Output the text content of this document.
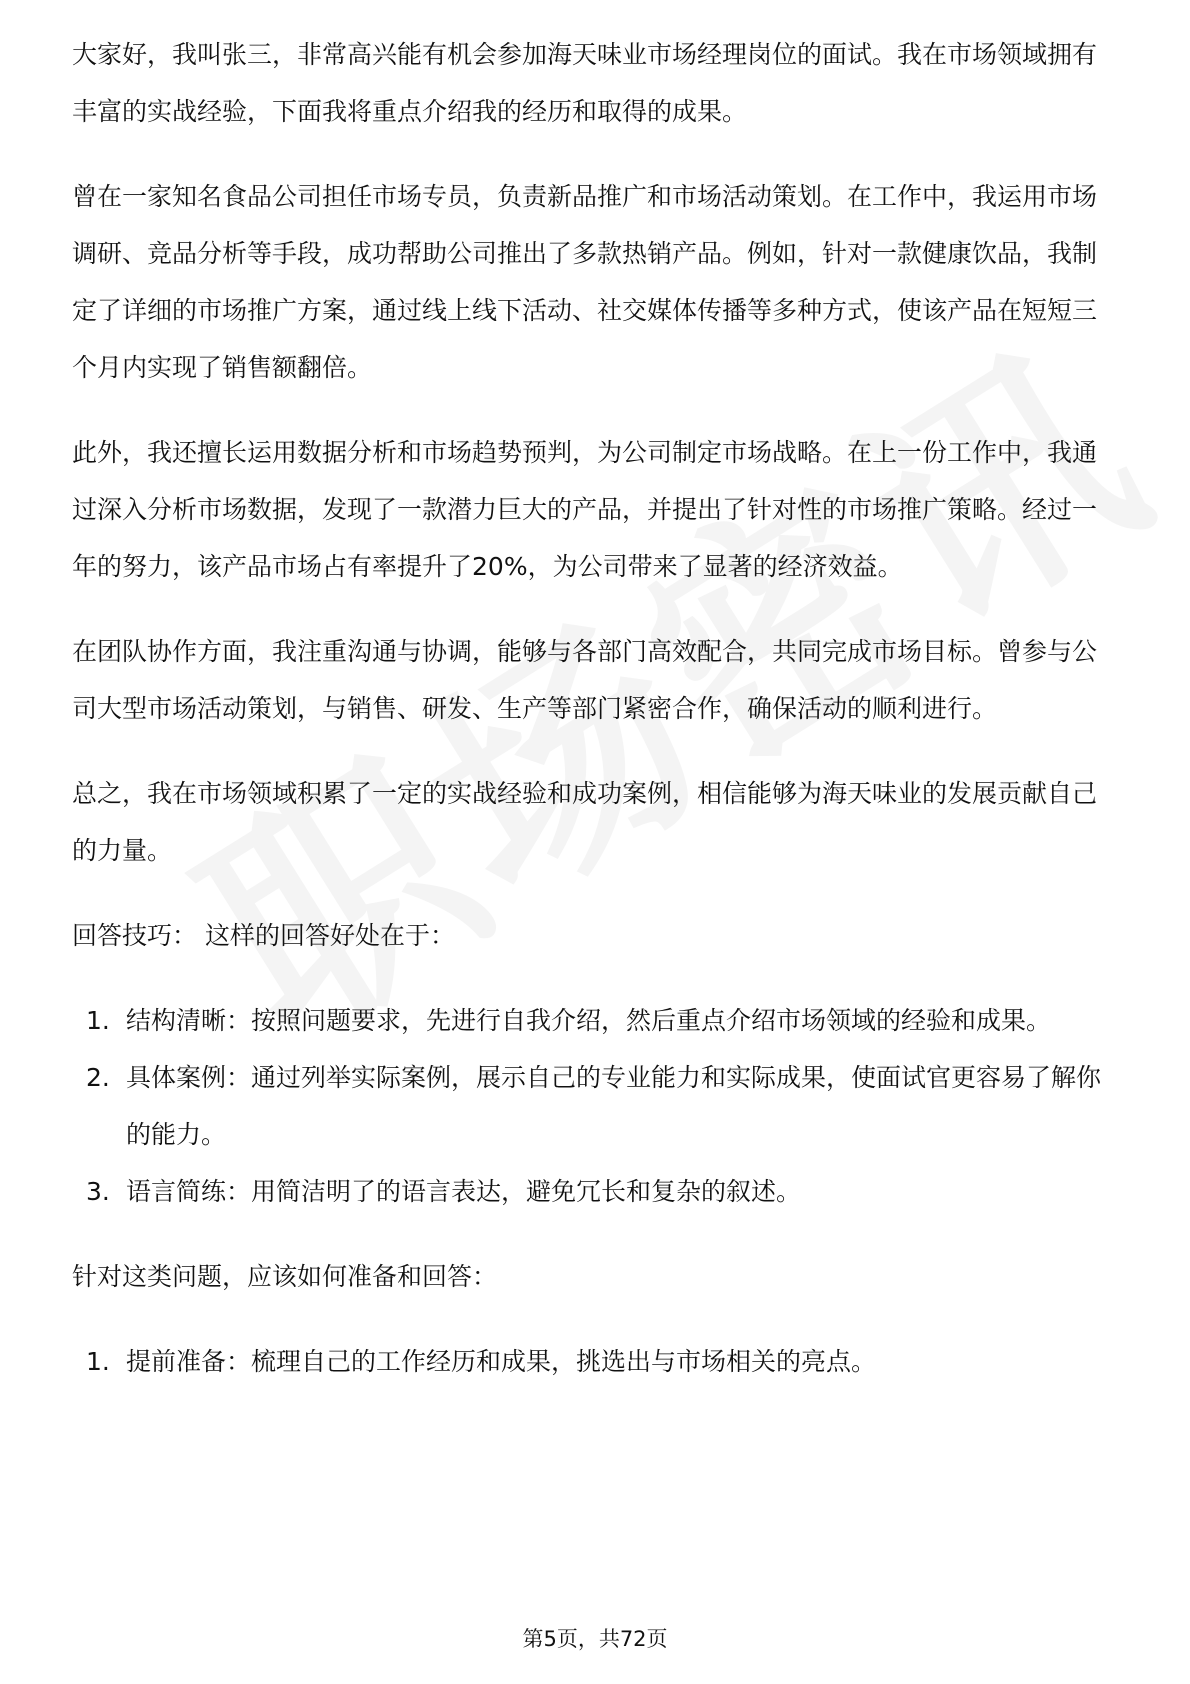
大家好，我叫张三，非常高兴能有机会参加海天味业市场经理岗位的面试。我在市场领域拥有丰富的实战经验，下面我将重点介绍我的经历和取得的成果。

曾在一家知名食品公司担任市场专员，负责新品推广和市场活动策划。在工作中，我运用市场调研、竞品分析等手段，成功帮助公司推出了多款热销产品。例如，针对一款健康饮品，我制定了详细的市场推广方案，通过线上线下活动、社交媒体传播等多种方式，使该产品在短短三个月内实现了销售额翻倍。

此外，我还擅长运用数据分析和市场趋势预判，为公司制定市场战略。在上一份工作中，我通过深入分析市场数据，发现了一款潜力巨大的产品，并提出了针对性的市场推广策略。经过一年的努力，该产品市场占有率提升了20%，为公司带来了显著的经济效益。

在团队协作方面，我注重沟通与协调，能够与各部门高效配合，共同完成市场目标。曾参与公司大型市场活动策划，与销售、研发、生产等部门紧密合作，确保活动的顺利进行。

总之，我在市场领域积累了一定的实战经验和成功案例，相信能够为海天味业的发展贡献自己的力量。

回答技巧： 这样的回答好处在于：

1. 结构清晰：按照问题要求，先进行自我介绍，然后重点介绍市场领域的经验和成果。
2. 具体案例：通过列举实际案例，展示自己的专业能力和实际成果，使面试官更容易了解你的能力。
3. 语言简练：用简洁明了的语言表达，避免冗长和复杂的叙述。

针对这类问题，应该如何准备和回答：

1. 提前准备：梳理自己的工作经历和成果，挑选出与市场相关的亮点。
第5页，共72页
